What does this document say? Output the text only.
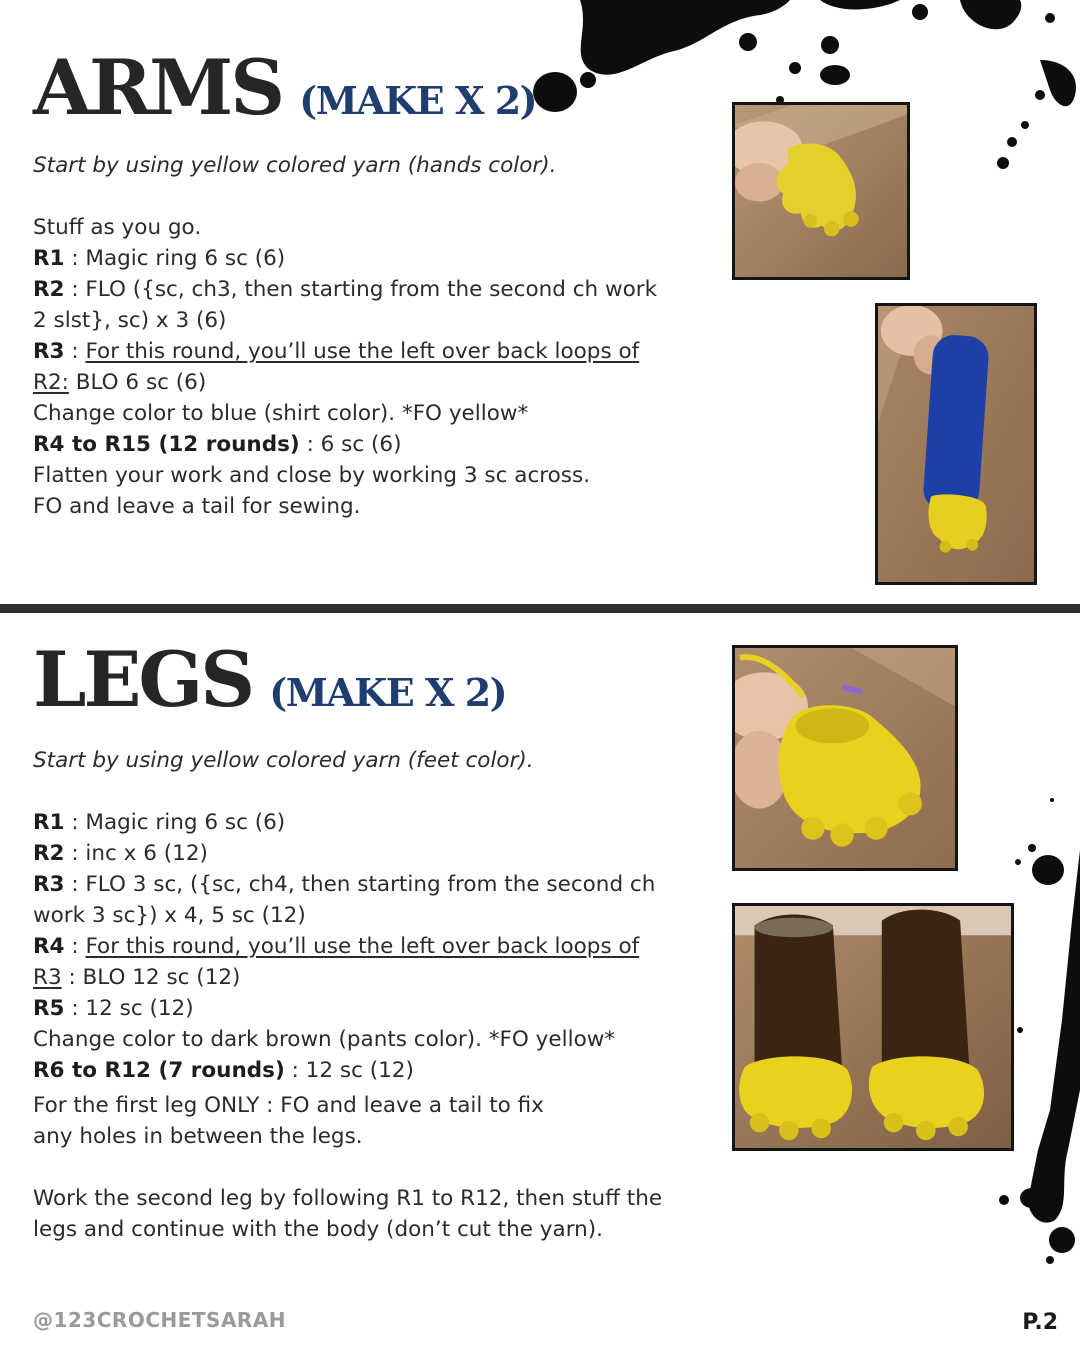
ARMS (MAKE X 2)

Start by using yellow colored yarn (hands color).

Stuff as you go.

R1 : Magic ring 6 sc (6)

R2 : FLO ({sc, ch3, then starting from the second ch work

2 slst}, sc) x 3 (6)

R3 : For this round, you’ll use the left over back loops of

R2: BLO 6 sc (6)

Change color to blue (shirt color). *FO yellow*

R4 to R15 (12 rounds) : 6 sc (6)

Flatten your work and close by working 3 sc across.

FO and leave a tail for sewing.

LEGS (MAKE X 2)

Start by using yellow colored yarn (feet color).

R1 : Magic ring 6 sc (6)

R2 : inc x 6 (12)

R3 : FLO 3 sc, ({sc, ch4, then starting from the second ch

work 3 sc}) x 4, 5 sc (12)

R4 : For this round, you’ll use the left over back loops of

R3 : BLO 12 sc (12)

R5 : 12 sc (12)

Change color to dark brown (pants color). *FO yellow*

R6 to R12 (7 rounds) : 12 sc (12)

For the first leg ONLY : FO and leave a tail to fix

any holes in between the legs.

Work the second leg by following R1 to R12, then stuff the

legs and continue with the body (don’t cut the yarn).

@123CROCHETSARAH	P.2
